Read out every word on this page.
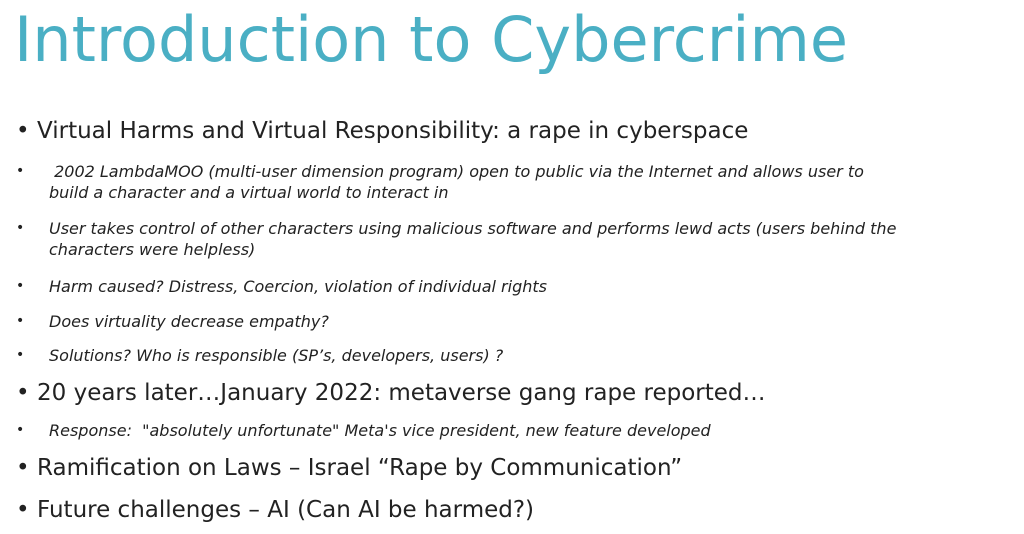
Introduction to Cybercrime

• Virtual Harms and Virtual Responsibility: a rape in cyberspace

• 2002 LambdaMOO (multi-user dimension program) open to public via the Internet and allows user to
build a character and a virtual world to interact in

• User takes control of other characters using malicious software and performs lewd acts (users behind the
characters were helpless)

• Harm caused? Distress, Coercion, violation of individual rights

• Does virtuality decrease empathy?

• Solutions? Who is responsible (SP’s, developers, users) ?

• 20 years later…January 2022: metaverse gang rape reported…

• Response:  "absolutely unfortunate" Meta's vice president, new feature developed

• Ramification on Laws – Israel “Rape by Communication”

• Future challenges – AI (Can AI be harmed?)
